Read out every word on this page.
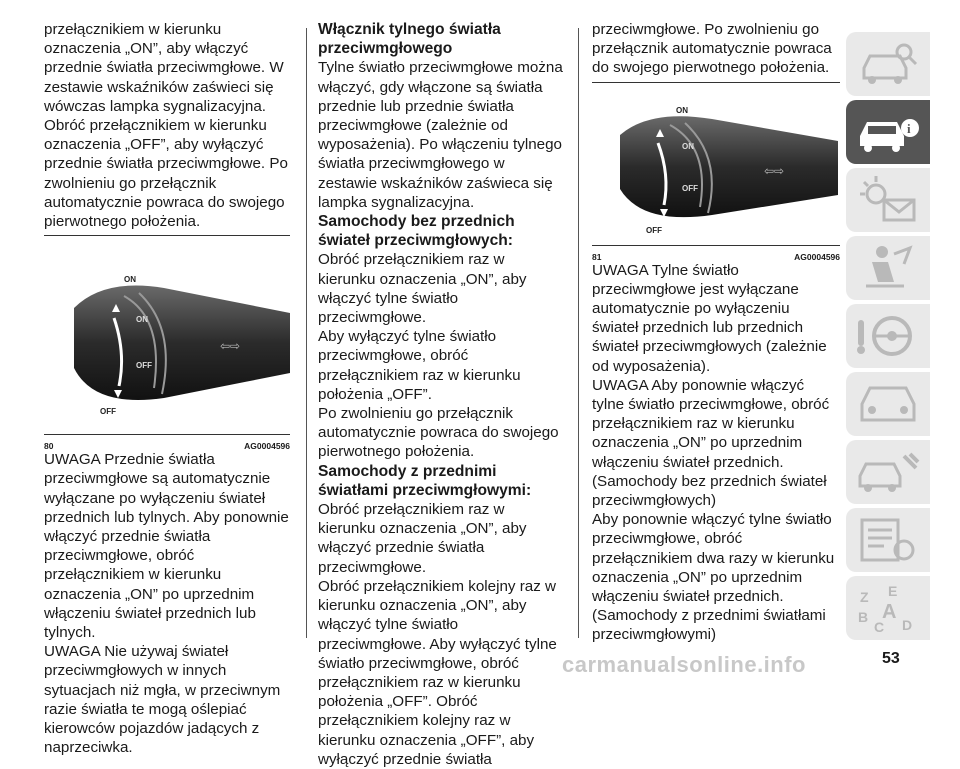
przełącznikiem w kierunku oznaczenia „ON”, aby włączyć przednie światła przeciwmgłowe. W zestawie wskaźników zaświeci się wówczas lampka sygnalizacyjna. Obróć przełącznikiem w kierunku oznaczenia „OFF”, aby wyłączyć przednie światła przeciwmgłowe. Po zwolnieniu go przełącznik automatycznie powraca do swojego pierwotnego położenia.

ON
OFF
⇦⇨
ON
OFF
80	AG0004596

UWAGA Przednie światła przeciwmgłowe są automatycznie wyłączane po wyłączeniu świateł przednich lub tylnych. Aby ponownie włączyć przednie światła przeciwmgłowe, obróć przełącznikiem w kierunku oznaczenia „ON” po uprzednim włączeniu świateł przednich lub tylnych.

UWAGA Nie używaj świateł przeciwmgłowych w innych sytuacjach niż mgła, w przeciwnym razie światła te mogą oślepiać kierowców pojazdów jadących z naprzeciwka.

Włącznik tylnego światła przeciwmgłowego

Tylne światło przeciwmgłowe można włączyć, gdy włączone są światła przednie lub przednie światła przeciwmgłowe (zależnie od wyposażenia). Po włączeniu tylnego światła przeciwmgłowego w zestawie wskaźników zaświeca się lampka sygnalizacyjna.

Samochody bez przednich świateł przeciwmgłowych:

Obróć przełącznikiem raz w kierunku oznaczenia „ON”, aby włączyć tylne światło przeciwmgłowe.

Aby wyłączyć tylne światło przeciwmgłowe, obróć przełącznikiem raz w kierunku położenia „OFF”.

Po zwolnieniu go przełącznik automatycznie powraca do swojego pierwotnego położenia.

Samochody z przednimi światłami przeciwmgłowymi:

Obróć przełącznikiem raz w kierunku oznaczenia „ON”, aby włączyć przednie światła przeciwmgłowe.

Obróć przełącznikiem kolejny raz w kierunku oznaczenia „ON”, aby włączyć tylne światło przeciwmgłowe. Aby wyłączyć tylne światło przeciwmgłowe, obróć przełącznikiem raz w kierunku położenia „OFF”. Obróć przełącznikiem kolejny raz w kierunku oznaczenia „OFF”, aby wyłączyć przednie światła

przeciwmgłowe. Po zwolnieniu go przełącznik automatycznie powraca do swojego pierwotnego położenia.

ON
OFF
⇦⇨
ON
OFF
81	AG0004596

UWAGA Tylne światło przeciwmgłowe jest wyłączane automatycznie po wyłączeniu świateł przednich lub przednich świateł przeciwmgłowych (zależnie od wyposażenia).

UWAGA Aby ponownie włączyć tylne światło przeciwmgłowe, obróć przełącznikiem raz w kierunku oznaczenia „ON” po uprzednim włączeniu świateł przednich. (Samochody bez przednich świateł przeciwmgłowych)

Aby ponownie włączyć tylne światło przeciwmgłowe, obróć przełącznikiem dwa razy w kierunku oznaczenia „ON” po uprzednim włączeniu świateł przednich. (Samochody z przednimi światłami przeciwmgłowymi)

i
Z E
B A
C D
53
carmanualsonline.info
